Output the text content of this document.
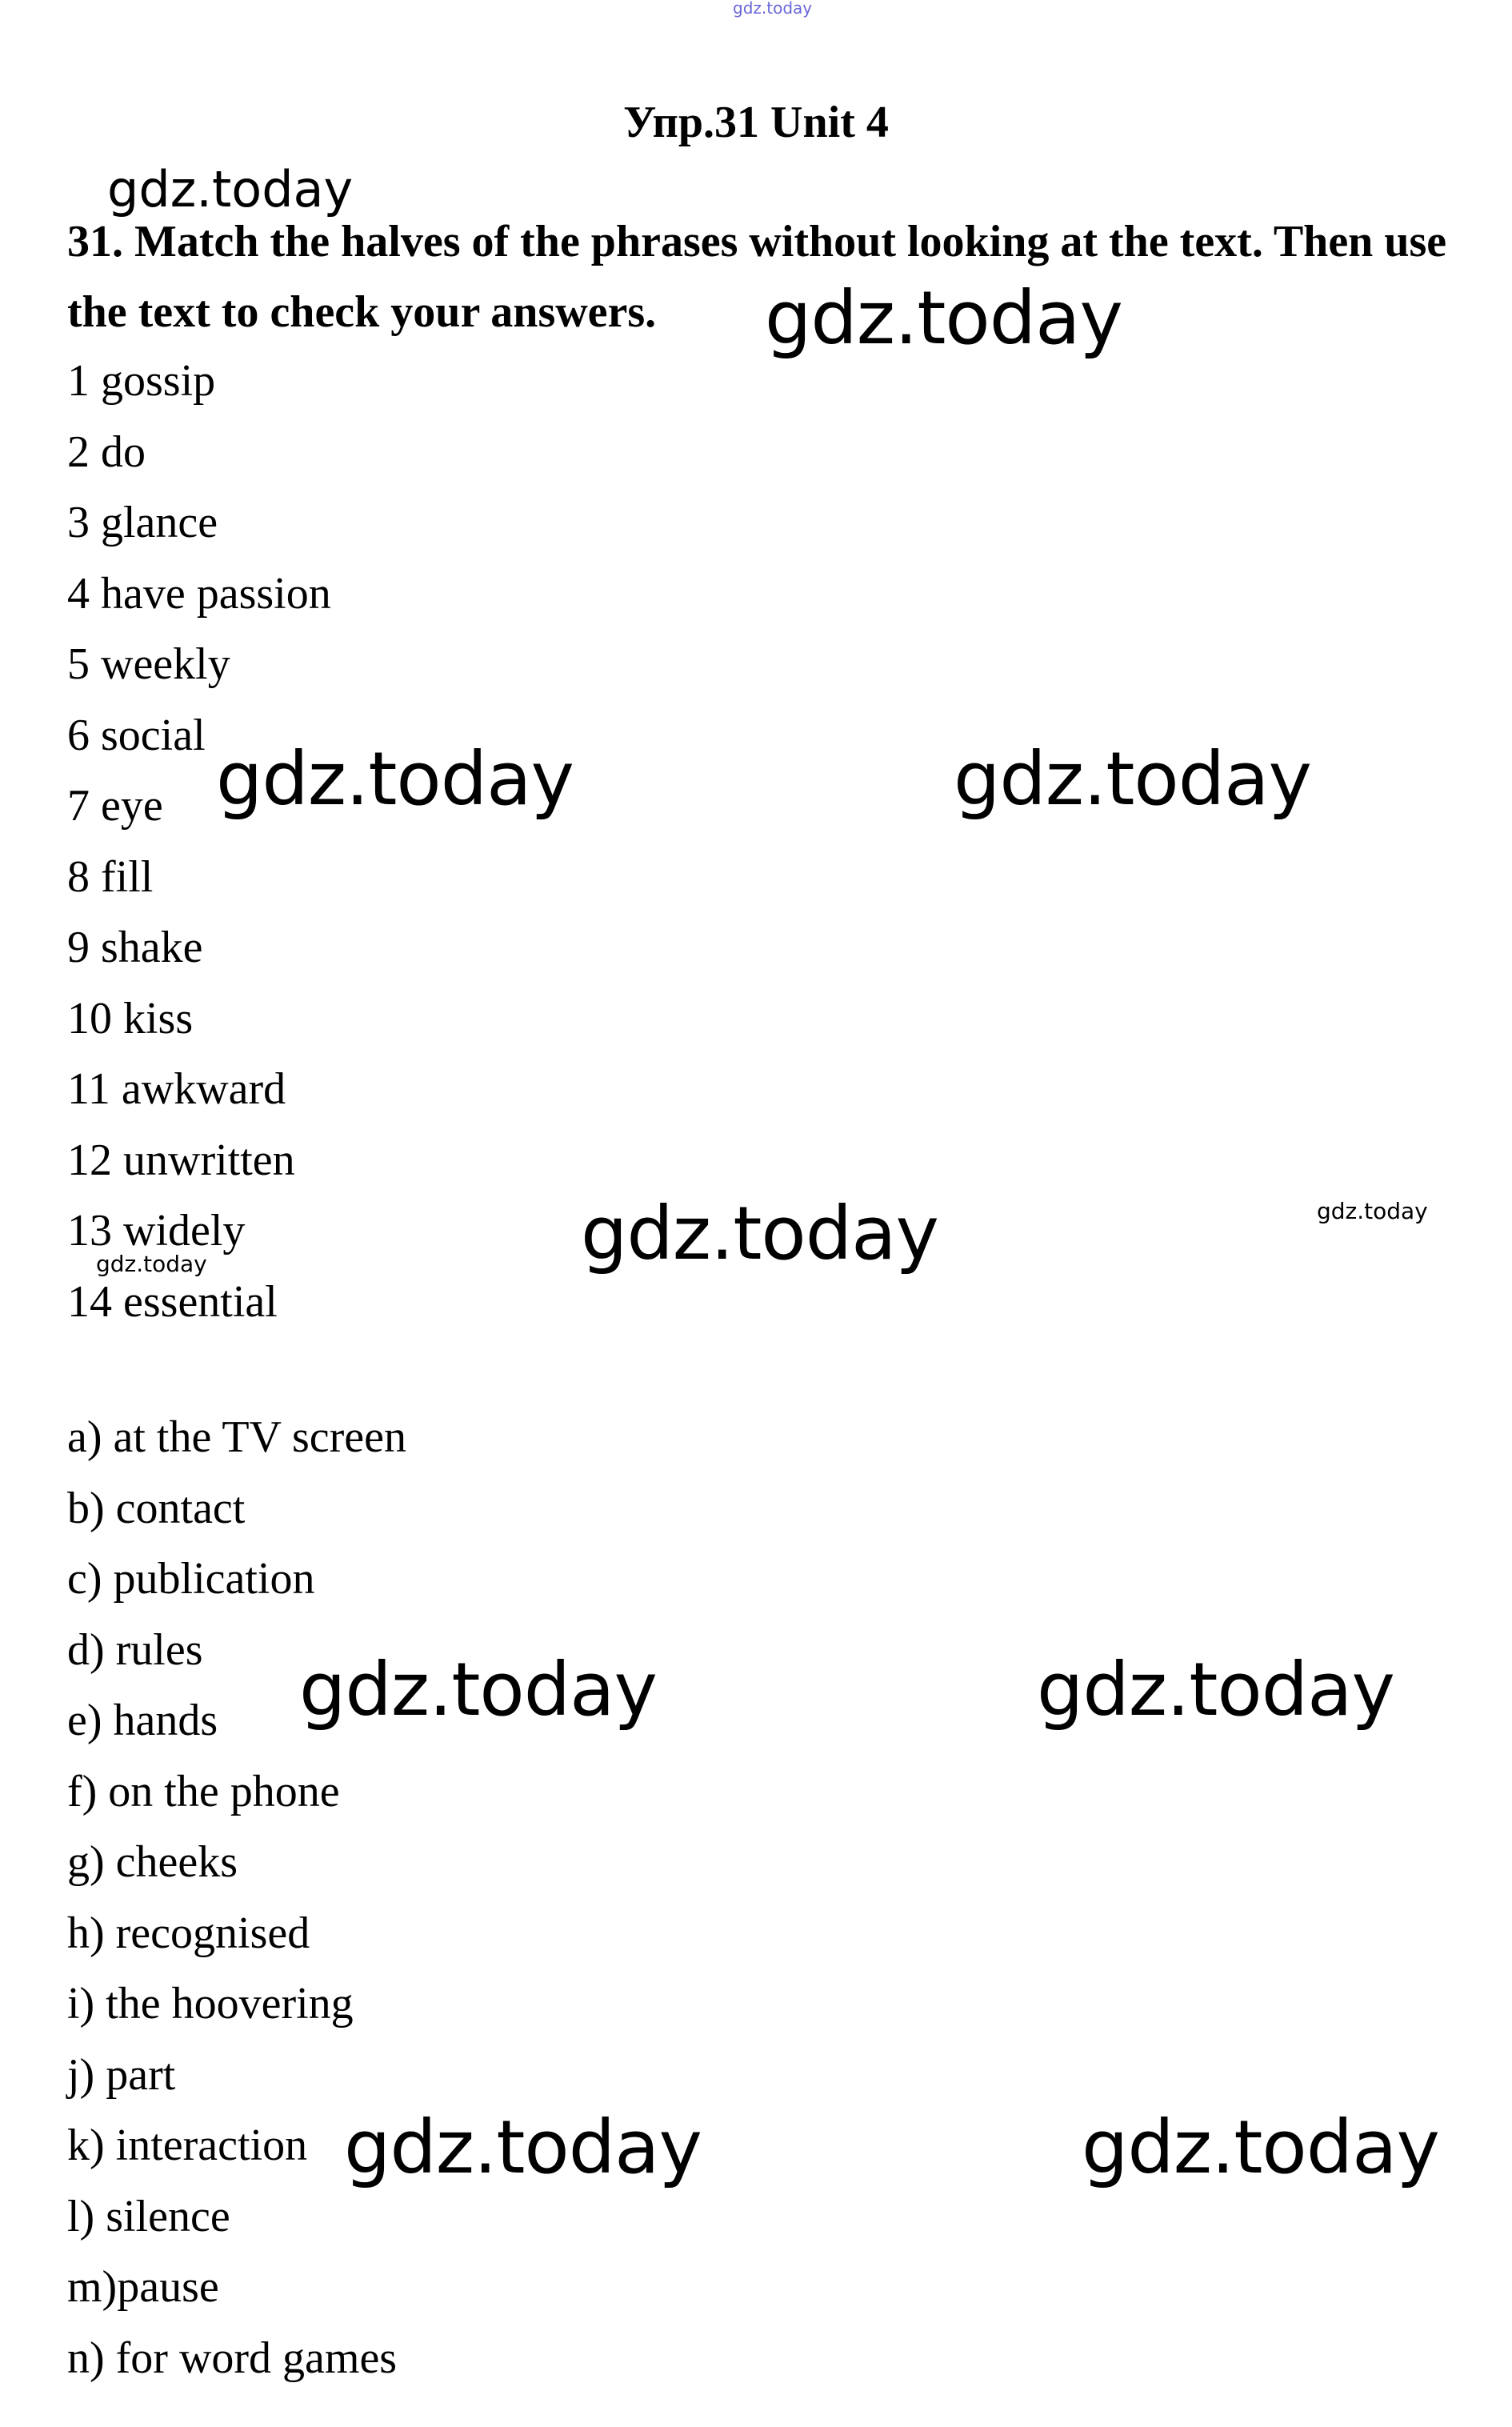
Упр.31 Unit 4

31. Match the halves of the phrases without looking at the text. Then use the text to check your answers.

1 gossip
2 do
3 glance
4 have passion
5 weekly
6 social
7 eye
8 fill
9 shake
10 kiss
11 awkward
12 unwritten
13 widely
14 essential
a) at the TV screen
b) contact
c) publication
d) rules
e) hands
f) on the phone
g) cheeks
h) recognised
i) the hoovering
j) part
k) interaction
l) silence
m)pause
n) for word games
gdz.today
gdz.today
gdz.today
gdz.today	gdz.today
gdz.today	gdz.today
gdz.today
gdz.today	gdz.today
gdz.today	gdz.today
